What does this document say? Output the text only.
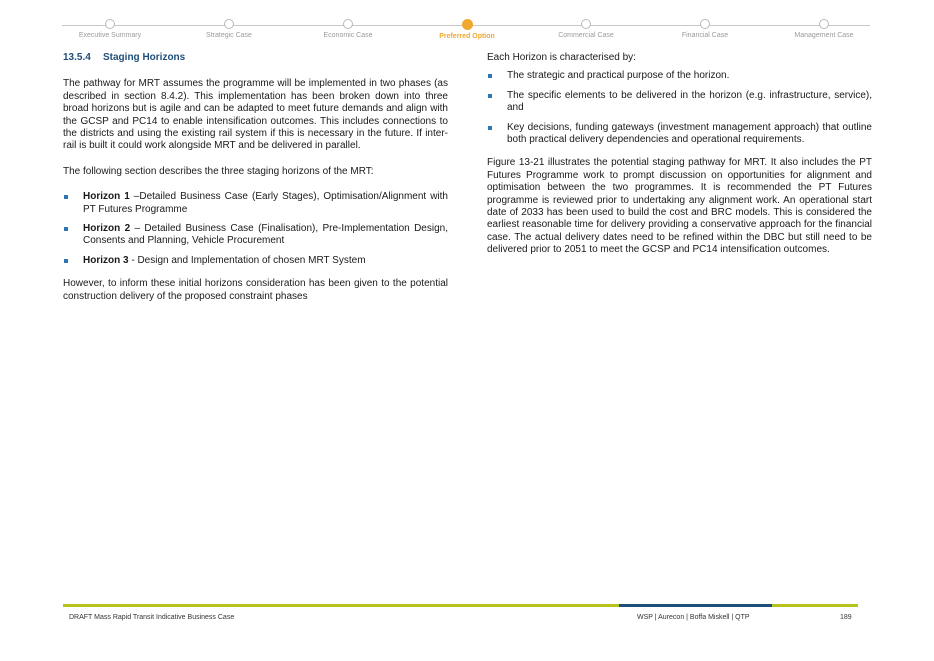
Executive Summary	Strategic Case	Economic Case	Preferred Option	Commercial Case	Financial Case	Management Case
13.5.4 Staging Horizons

The pathway for MRT assumes the programme will be implemented in two phases (as described in section 8.4.2). This implementation has been broken down into three broad horizons but is agile and can be adapted to meet future demands and align with the GCSP and PC14 to enable intensification outcomes. This includes connections to the districts and using the existing rail system if this is necessary in the future. If inter-rail is built it could work alongside MRT and be delivered in parallel.

The following section describes the three staging horizons of the MRT:

Horizon 1 –Detailed Business Case (Early Stages), Optimisation/Alignment with PT Futures Programme
Horizon 2 – Detailed Business Case (Finalisation), Pre-Implementation Design, Consents and Planning, Vehicle Procurement
Horizon 3 - Design and Implementation of chosen MRT System

However, to inform these initial horizons consideration has been given to the potential construction delivery of the proposed constraint phases

Each Horizon is characterised by:

The strategic and practical purpose of the horizon.
The specific elements to be delivered in the horizon (e.g. infrastructure, service), and
Key decisions, funding gateways (investment management approach) that outline both practical delivery dependencies and operational requirements.

Figure 13-21 illustrates the potential staging pathway for MRT. It also includes the PT Futures Programme work to prompt discussion on opportunities for alignment and optimisation between the two programmes. It is recommended the PT Futures programme is reviewed prior to undertaking any alignment work. An operational start date of 2033 has been used to build the cost and BRC models. This is considered the earliest reasonable time for delivery providing a conservative approach for the financial case. The actual delivery dates need to be refined within the DBC but still need to be delivered prior to 2051 to meet the GCSP and PC14 intensification outcomes.

DRAFT Mass Rapid Transit Indicative Business Case	WSP | Aurecon | Boffa Miskell | QTP	189
